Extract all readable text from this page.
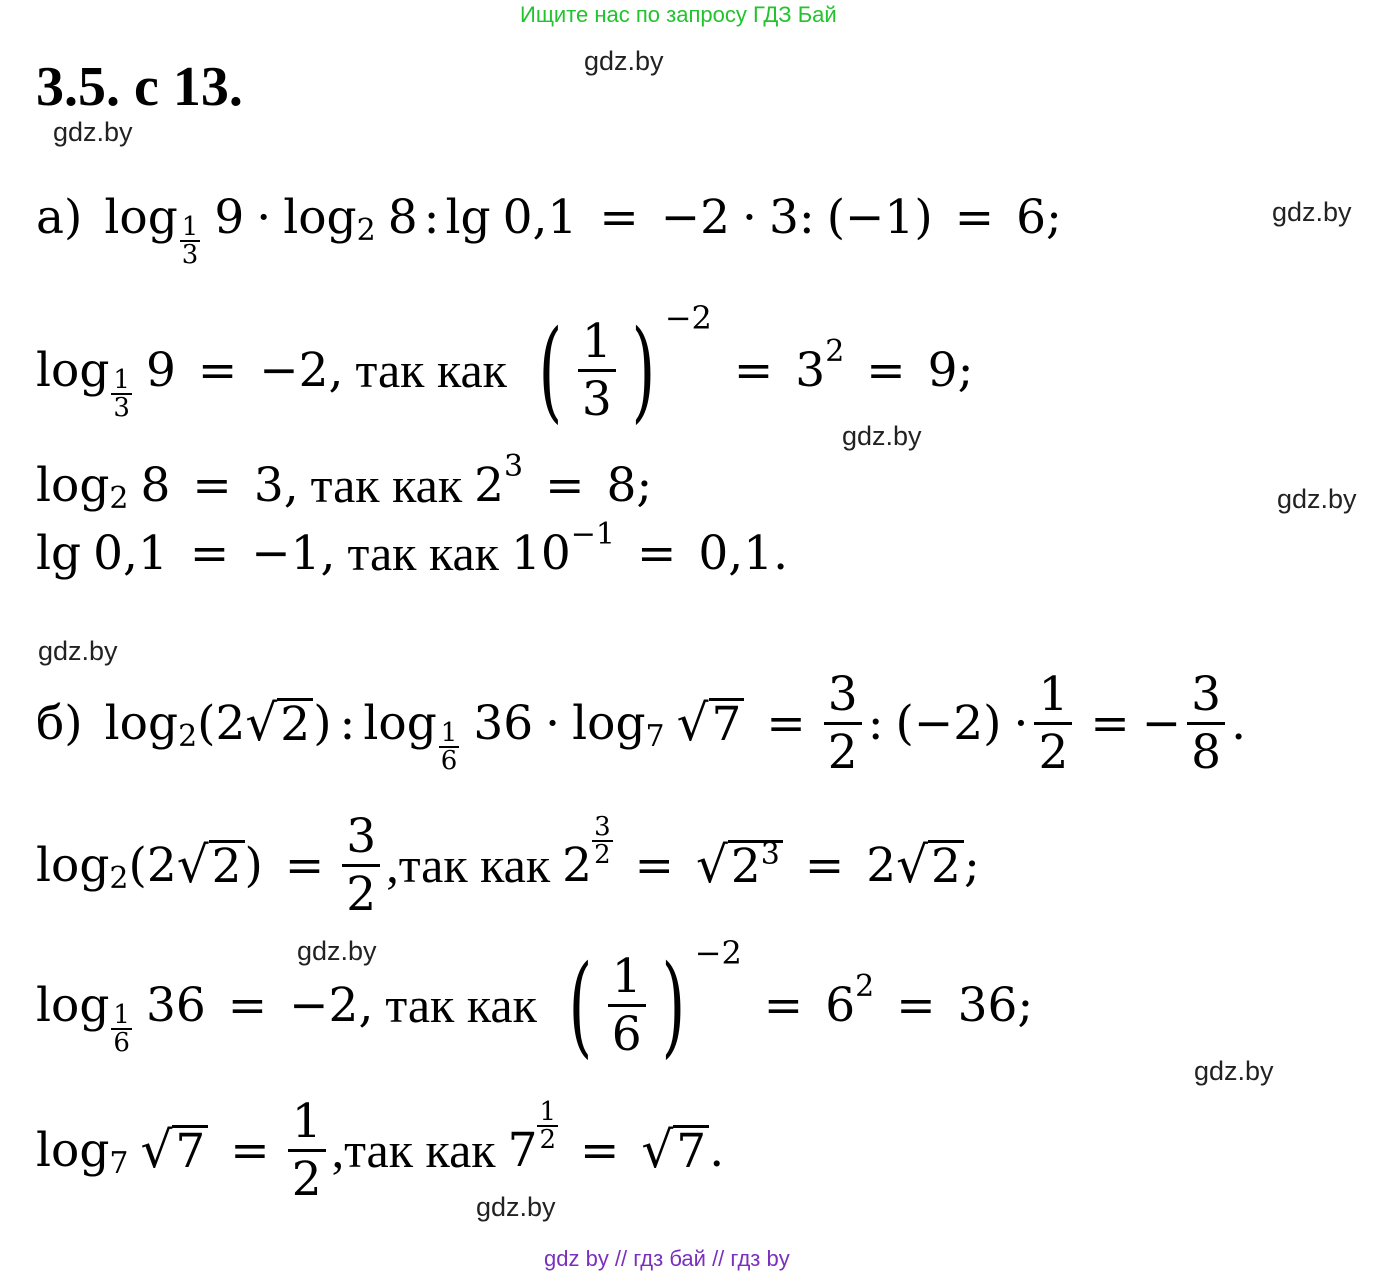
Ищите нас по запросу ГДЗ Бай
3.5. с 13.	gdz.by
gdz.by
gdz.by
gdz.by
gdz.by
gdz.by
gdz.by
gdz.by
gdz.by
а) $\log \frac{1}{3} 9 \cdot \log 2$ 8 : lg 0,1 = −2 · 3: (−1) = 6;
$\log \frac{1}{3} 9 = -2$, так как ( $\frac{1}{3}$ ) −2
= 3 2 = 9;
log 2 8 = 3, так как 2 3 = 8;
lg 0,1 = −1, так как 10 −1 = 0,1.
б) log 2 (2 √ 2 ) : $\log \frac{1}{6} 36 \cdot \log 7$ √ $7 = \frac{3}{2}$ : $(-2) \cdot \frac{1}{2}$ = − $\frac{3}{8}$ .
log 2 (2 √ 2 ) = $\frac{3}{2} ,так$ как $2 \frac{3}{2}$ = √ $2^3 = 2$ √ 2 ;
$\log \frac{1}{6} 36 = -2$, так как ( $\frac{1}{6}$ ) −2
= 6 2 = 36;
log 7 √ $7 = \frac{1}{2} ,так$ как $7 \frac{1}{2}$ = √ 7 .
gdz by // гдз бай // гдз by
